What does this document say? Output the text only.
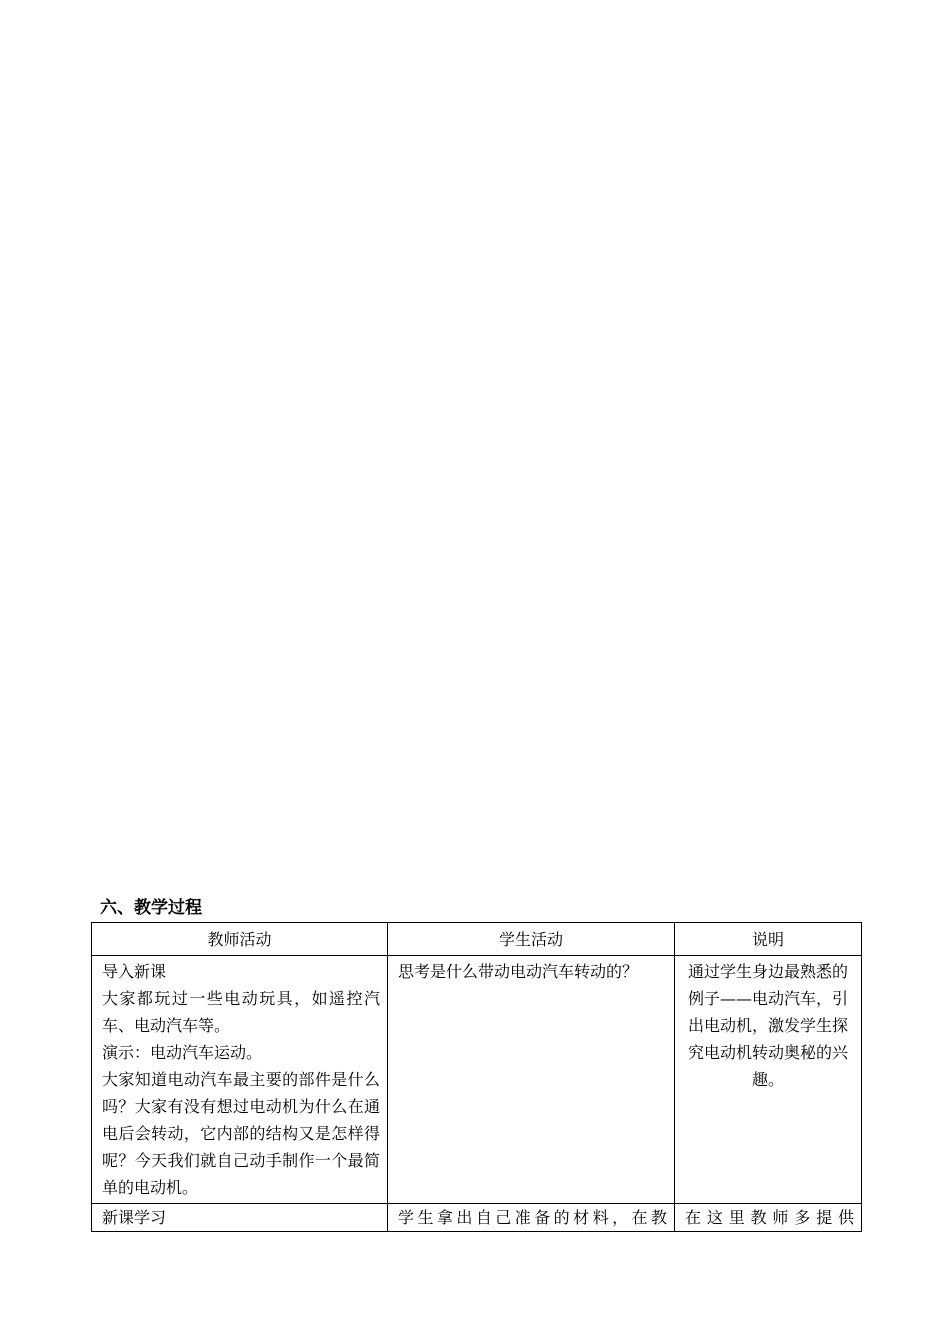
六、教学过程
教师活动	学生活动	说明

导入新课
大家都玩过一些电动玩具，如遥控汽车、电动汽车等。
演示：电动汽车运动。
大家知道电动汽车最主要的部件是什么吗？大家有没有想过电动机为什么在通电后会转动，它内部的结构又是怎样得呢？今天我们就自己动手制作一个最简单的电动机。	思考是什么带动电动汽车转动的？	通过学生身边最熟悉的例子——电动汽车，引出电动机，激发学生探究电动机转动奥秘的兴趣。

新课学习	学生拿出自己准备的材料，在教	在这里教师多提供
